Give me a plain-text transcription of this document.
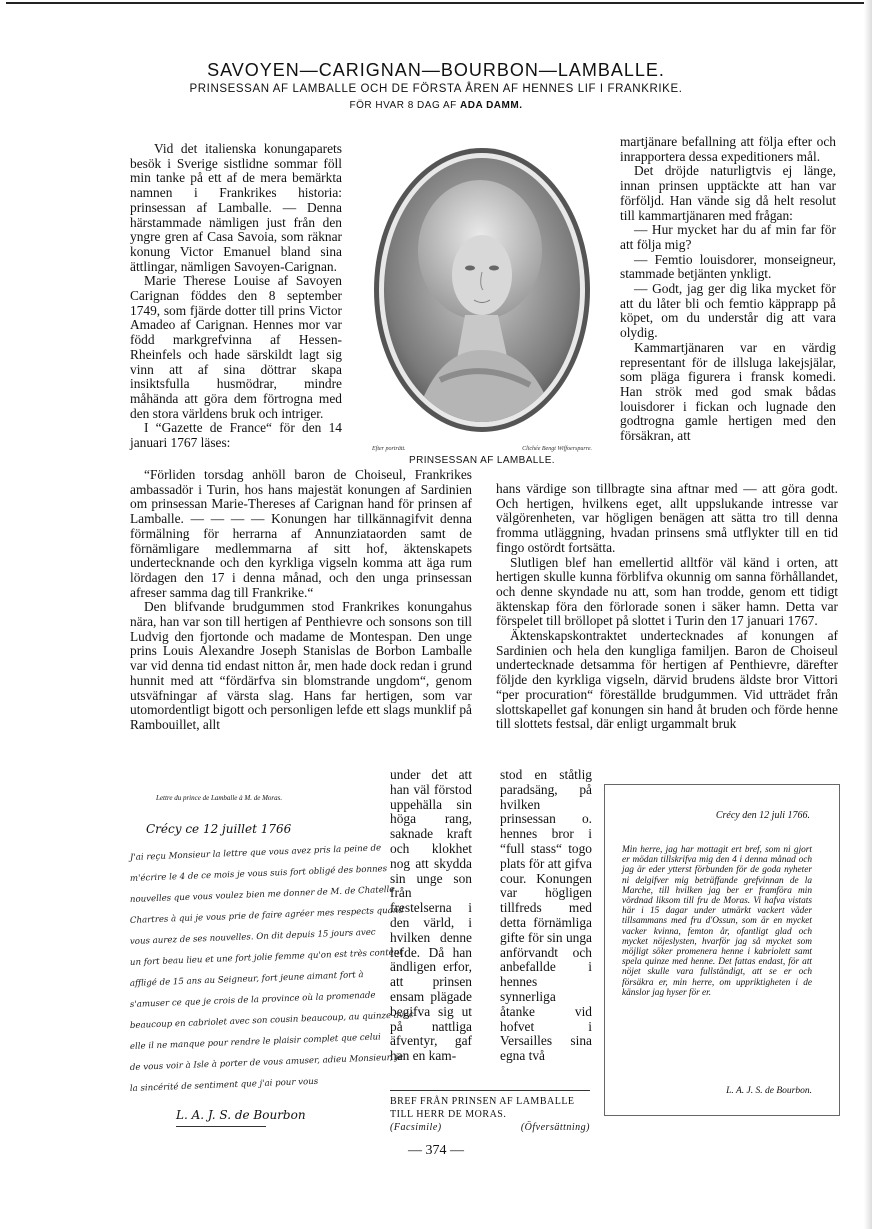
SAVOYEN—CARIGNAN—BOURBON—LAMBALLE.
PRINSESSAN AF LAMBALLE OCH DE FÖRSTA ÅREN AF HENNES LIF I FRANKRIKE.
FÖR HVAR 8 DAG AF ADA DAMM.

Vid det italienska konungaparets besök i Sverige sistlidne sommar föll min tanke på ett af de mera bemärkta namnen i Frankrikes historia: prinsessan af Lamballe. — Denna härstammade nämligen just från den yngre gren af Casa Savoia, som räknar konung Victor Emanuel bland sina ättlingar, nämligen Savoyen-Carignan.

Marie Therese Louise af Savoyen Carignan föddes den 8 september 1749, som fjärde dotter till prins Victor Amadeo af Carignan. Hennes mor var född markgrefvinna af Hessen-Rheinfels och hade särskildt lagt sig vinn att af sina döttrar skapa insiktsfulla husmödrar, mindre måhända att göra dem förtrogna med den stora världens bruk och intriger.

I “Gazette de France“ för den 14 januari 1767 läses:	Efter porträtt.	Clichée Bengt Wiffoerspurre.
PRINSESSAN AF LAMBALLE.

martjänare befallning att följa efter och inrapportera dessa expeditioners mål.

Det dröjde naturligtvis ej länge, innan prinsen upptäckte att han var förföljd. Han vände sig då helt resolut till kammartjänaren med frågan:

— Hur mycket har du af min far för att följa mig?

— Femtio louisdorer, monseigneur, stammade betjänten ynkligt.

— Godt, jag ger dig lika mycket för att du låter bli och femtio käpprapp på köpet, om du understår dig att vara olydig.

Kammartjänaren var en värdig representant för de illsluga lakejsjälar, som pläga figurera i fransk komedi. Han strök med god smak bådas louisdorer i fickan och lugnade den godtrogna gamle hertigen med den försäkran, att

“Förliden torsdag anhöll baron de Choiseul, Frankrikes ambassadör i Turin, hos hans majestät konungen af Sardinien om prinsessan Marie-Thereses af Carignan hand för prinsen af Lamballe. — — — — Konungen har tillkännagifvit denna förmälning för herrarna af Annunziataorden samt de förnämligare medlemmarna af sitt hof, äktenskapets undertecknande och den kyrkliga vigseln komma att äga rum lördagen den 17 i denna månad, och den unga prinsessan afreser samma dag till Frankrike.“

Den blifvande brudgummen stod Frankrikes konungahus nära, han var son till hertigen af Penthievre och sonsons son till Ludvig den fjortonde och madame de Montespan. Den unge prins Louis Alexandre Joseph Stanislas de Borbon Lamballe var vid denna tid endast nitton år, men hade dock redan i grund hunnit med att “fördärfva sin blomstrande ungdom“, genom utsväfningar af värsta slag. Hans far hertigen, som var utomordentligt bigott och personligen lefde ett slags munklif på Rambouillet, allt

hans värdige son tillbragte sina aftnar med — att göra godt. Och hertigen, hvilkens eget, allt uppslukande intresse var välgörenheten, var högligen benägen att sätta tro till denna fromma utläggning, hvadan prinsens små utflykter till en tid fingo ostördt fortsätta.

Slutligen blef han emellertid alltför väl känd i orten, att hertigen skulle kunna förblifva okunnig om sanna förhållandet, och denne skyndade nu att, som han trodde, genom ett tidigt äktenskap föra den förlorade sonen i säker hamn. Detta var förspelet till bröllopet på slottet i Turin den 17 januari 1767.

Äktenskapskontraktet undertecknades af konungen af Sardinien och hela den kungliga familjen. Baron de Choiseul undertecknade detsamma för hertigen af Penthievre, därefter följde den kyrkliga vigseln, därvid brudens äldste bror Vittori “per procuration“ föreställde brudgummen. Vid utträdet från slottskapellet gaf konungen sin hand åt bruden och förde henne till slottets festsal, där enligt urgammalt bruk

under det att han väl förstod uppehälla sin höga rang, saknade kraft och klokhet nog att skydda sin unge son från frestelserna i den värld, i hvilken denne lefde. Då han ändligen erfor, att prinsen ensam plägade begifva sig ut på nattliga äfventyr, gaf han en kam-
stod en ståtlig paradsäng, på hvilken prinsessan o. hennes bror i “full stass“ togo plats för att gifva cour. Konungen var högligen tillfreds med detta förnämliga gifte för sin unga anförvandt och anbefallde i hennes synnerliga åtanke vid hofvet i Versailles sina egna två
Lettre du prince de Lamballe à M. de Moras.
Crécy ce 12 juillet 1766
J'ai reçu Monsieur la lettre que vous avez pris la peine de
m'écrire le 4 de ce mois je vous suis fort obligé des bonnes
nouvelles que vous voulez bien me donner de M. de Chatelle
Chartres à qui je vous prie de faire agréer mes respects quand
vous aurez de ses nouvelles. On dit depuis 15 jours avec
un fort beau lieu et une fort jolie femme qu'on est très content
affligé de 15 ans au Seigneur, fort jeune aimant fort à
s'amuser ce que je crois de la province où la promenade
beaucoup en cabriolet avec son cousin beaucoup, au quinze avec
elle il ne manque pour rendre le plaisir complet que celui
de vous voir à Isle à porter de vous amuser, adieu Monsieur, je
la sincérité de sentiment que j'ai pour vous
L. A. J. S. de Bourbon
BREF FRÅN PRINSEN AF LAMBALLE TILL HERR DE MORAS.
(Facsimile)	(Öfversättning)
Crécy den 12 juli 1766.
Min herre, jag har mottagit ert bref, som ni gjort er mödan tillskrifva mig den 4 i denna månad och jag är eder ytterst förbunden för de goda nyheter ni delgifver mig beträffande grefvinnan de la Marche, till hvilken jag ber er framföra min vördnad liksom till fru de Moras. Vi hafva vistats här i 15 dagar under utmärkt vackert väder tillsammans med fru d'Ossun, som är en mycket vacker kvinna, femton år, ofantligt glad och mycket nöjeslysten, hvarför jag så mycket som möjligt söker promenera henne i kabriolett samt spela quinze med henne. Det fattas endast, för att nöjet skulle vara fullständigt, att se er och försäkra er, min herre, om uppriktigheten i de känslor jag hyser för er.
L. A. J. S. de Bourbon.
— 374 —
